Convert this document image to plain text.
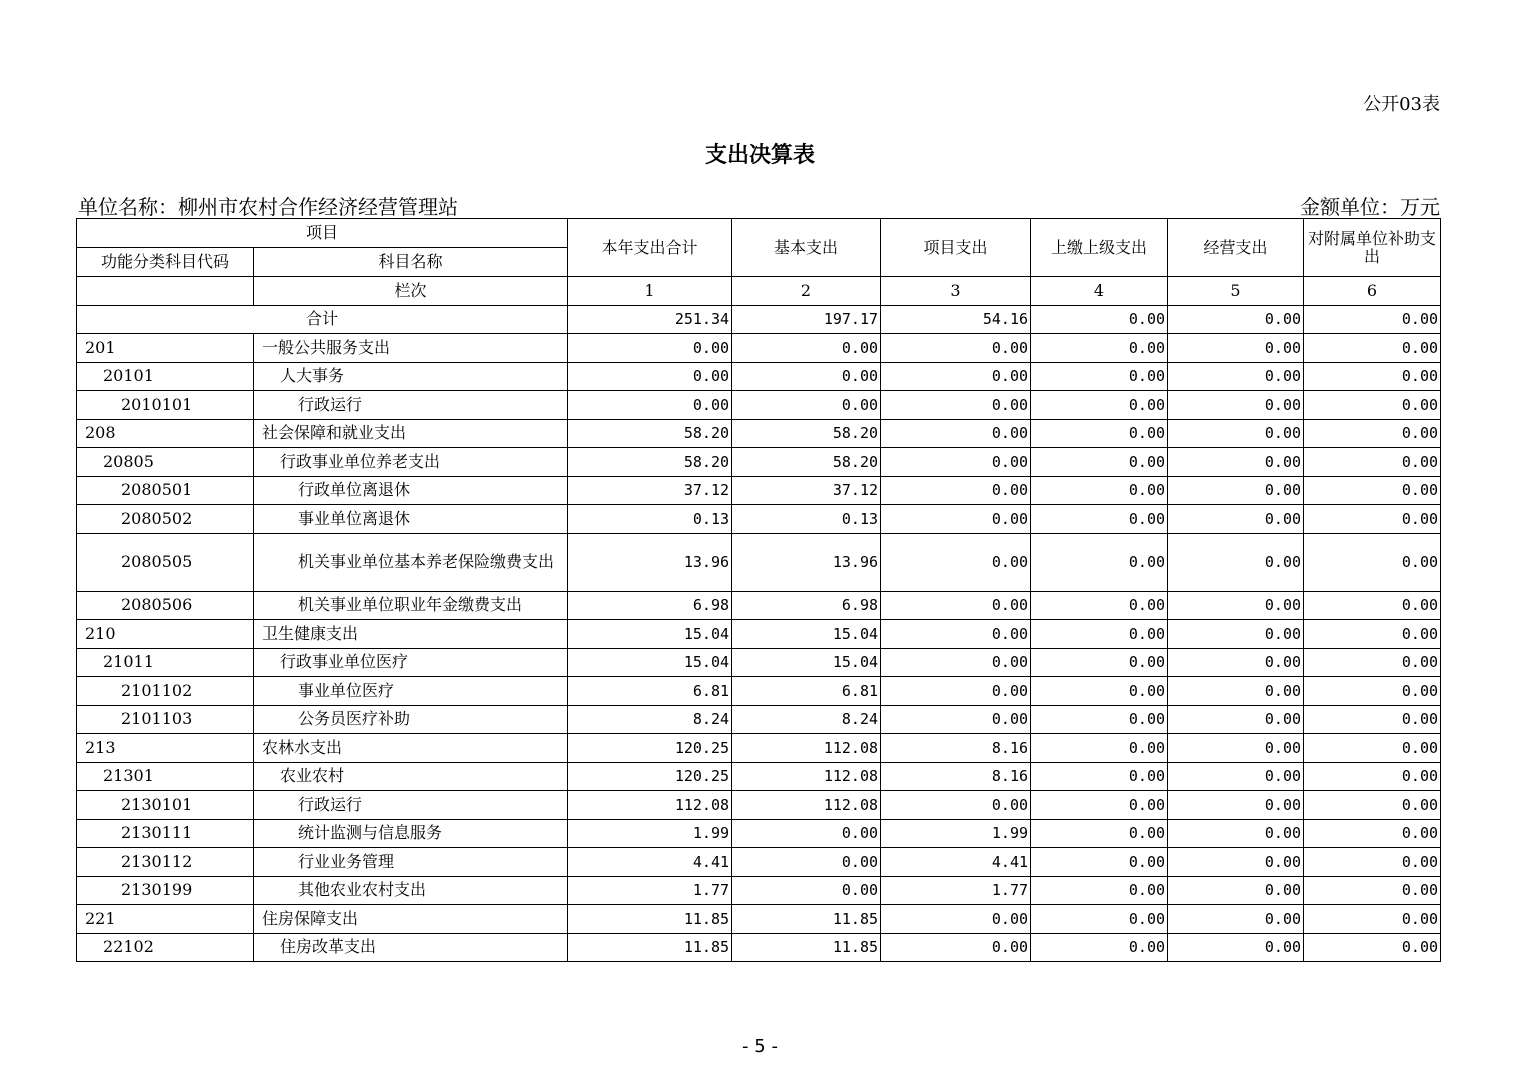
公开03表
支出决算表
单位名称：柳州市农村合作经济经营管理站	金额单位：万元
项目		本年支出合计	基本支出	项目支出	上缴上级支出	经营支出	对附属单位补助支出
功能分类科目代码	科目名称						
	栏次	1	2	3	4	5	6
合计		251.34	197.17	54.16	0.00	0.00	0.00
201	一般公共服务支出	0.00	0.00	0.00	0.00	0.00	0.00
20101	人大事务	0.00	0.00	0.00	0.00	0.00	0.00
2010101	行政运行	0.00	0.00	0.00	0.00	0.00	0.00
208	社会保障和就业支出	58.20	58.20	0.00	0.00	0.00	0.00
20805	行政事业单位养老支出	58.20	58.20	0.00	0.00	0.00	0.00
2080501	行政单位离退休	37.12	37.12	0.00	0.00	0.00	0.00
2080502	事业单位离退休	0.13	0.13	0.00	0.00	0.00	0.00
2080505	机关事业单位基本养老保险缴费支出	13.96	13.96	0.00	0.00	0.00	0.00
2080506	机关事业单位职业年金缴费支出	6.98	6.98	0.00	0.00	0.00	0.00
210	卫生健康支出	15.04	15.04	0.00	0.00	0.00	0.00
21011	行政事业单位医疗	15.04	15.04	0.00	0.00	0.00	0.00
2101102	事业单位医疗	6.81	6.81	0.00	0.00	0.00	0.00
2101103	公务员医疗补助	8.24	8.24	0.00	0.00	0.00	0.00
213	农林水支出	120.25	112.08	8.16	0.00	0.00	0.00
21301	农业农村	120.25	112.08	8.16	0.00	0.00	0.00
2130101	行政运行	112.08	112.08	0.00	0.00	0.00	0.00
2130111	统计监测与信息服务	1.99	0.00	1.99	0.00	0.00	0.00
2130112	行业业务管理	4.41	0.00	4.41	0.00	0.00	0.00
2130199	其他农业农村支出	1.77	0.00	1.77	0.00	0.00	0.00
221	住房保障支出	11.85	11.85	0.00	0.00	0.00	0.00
22102	住房改革支出	11.85	11.85	0.00	0.00	0.00	0.00
- 5 -
